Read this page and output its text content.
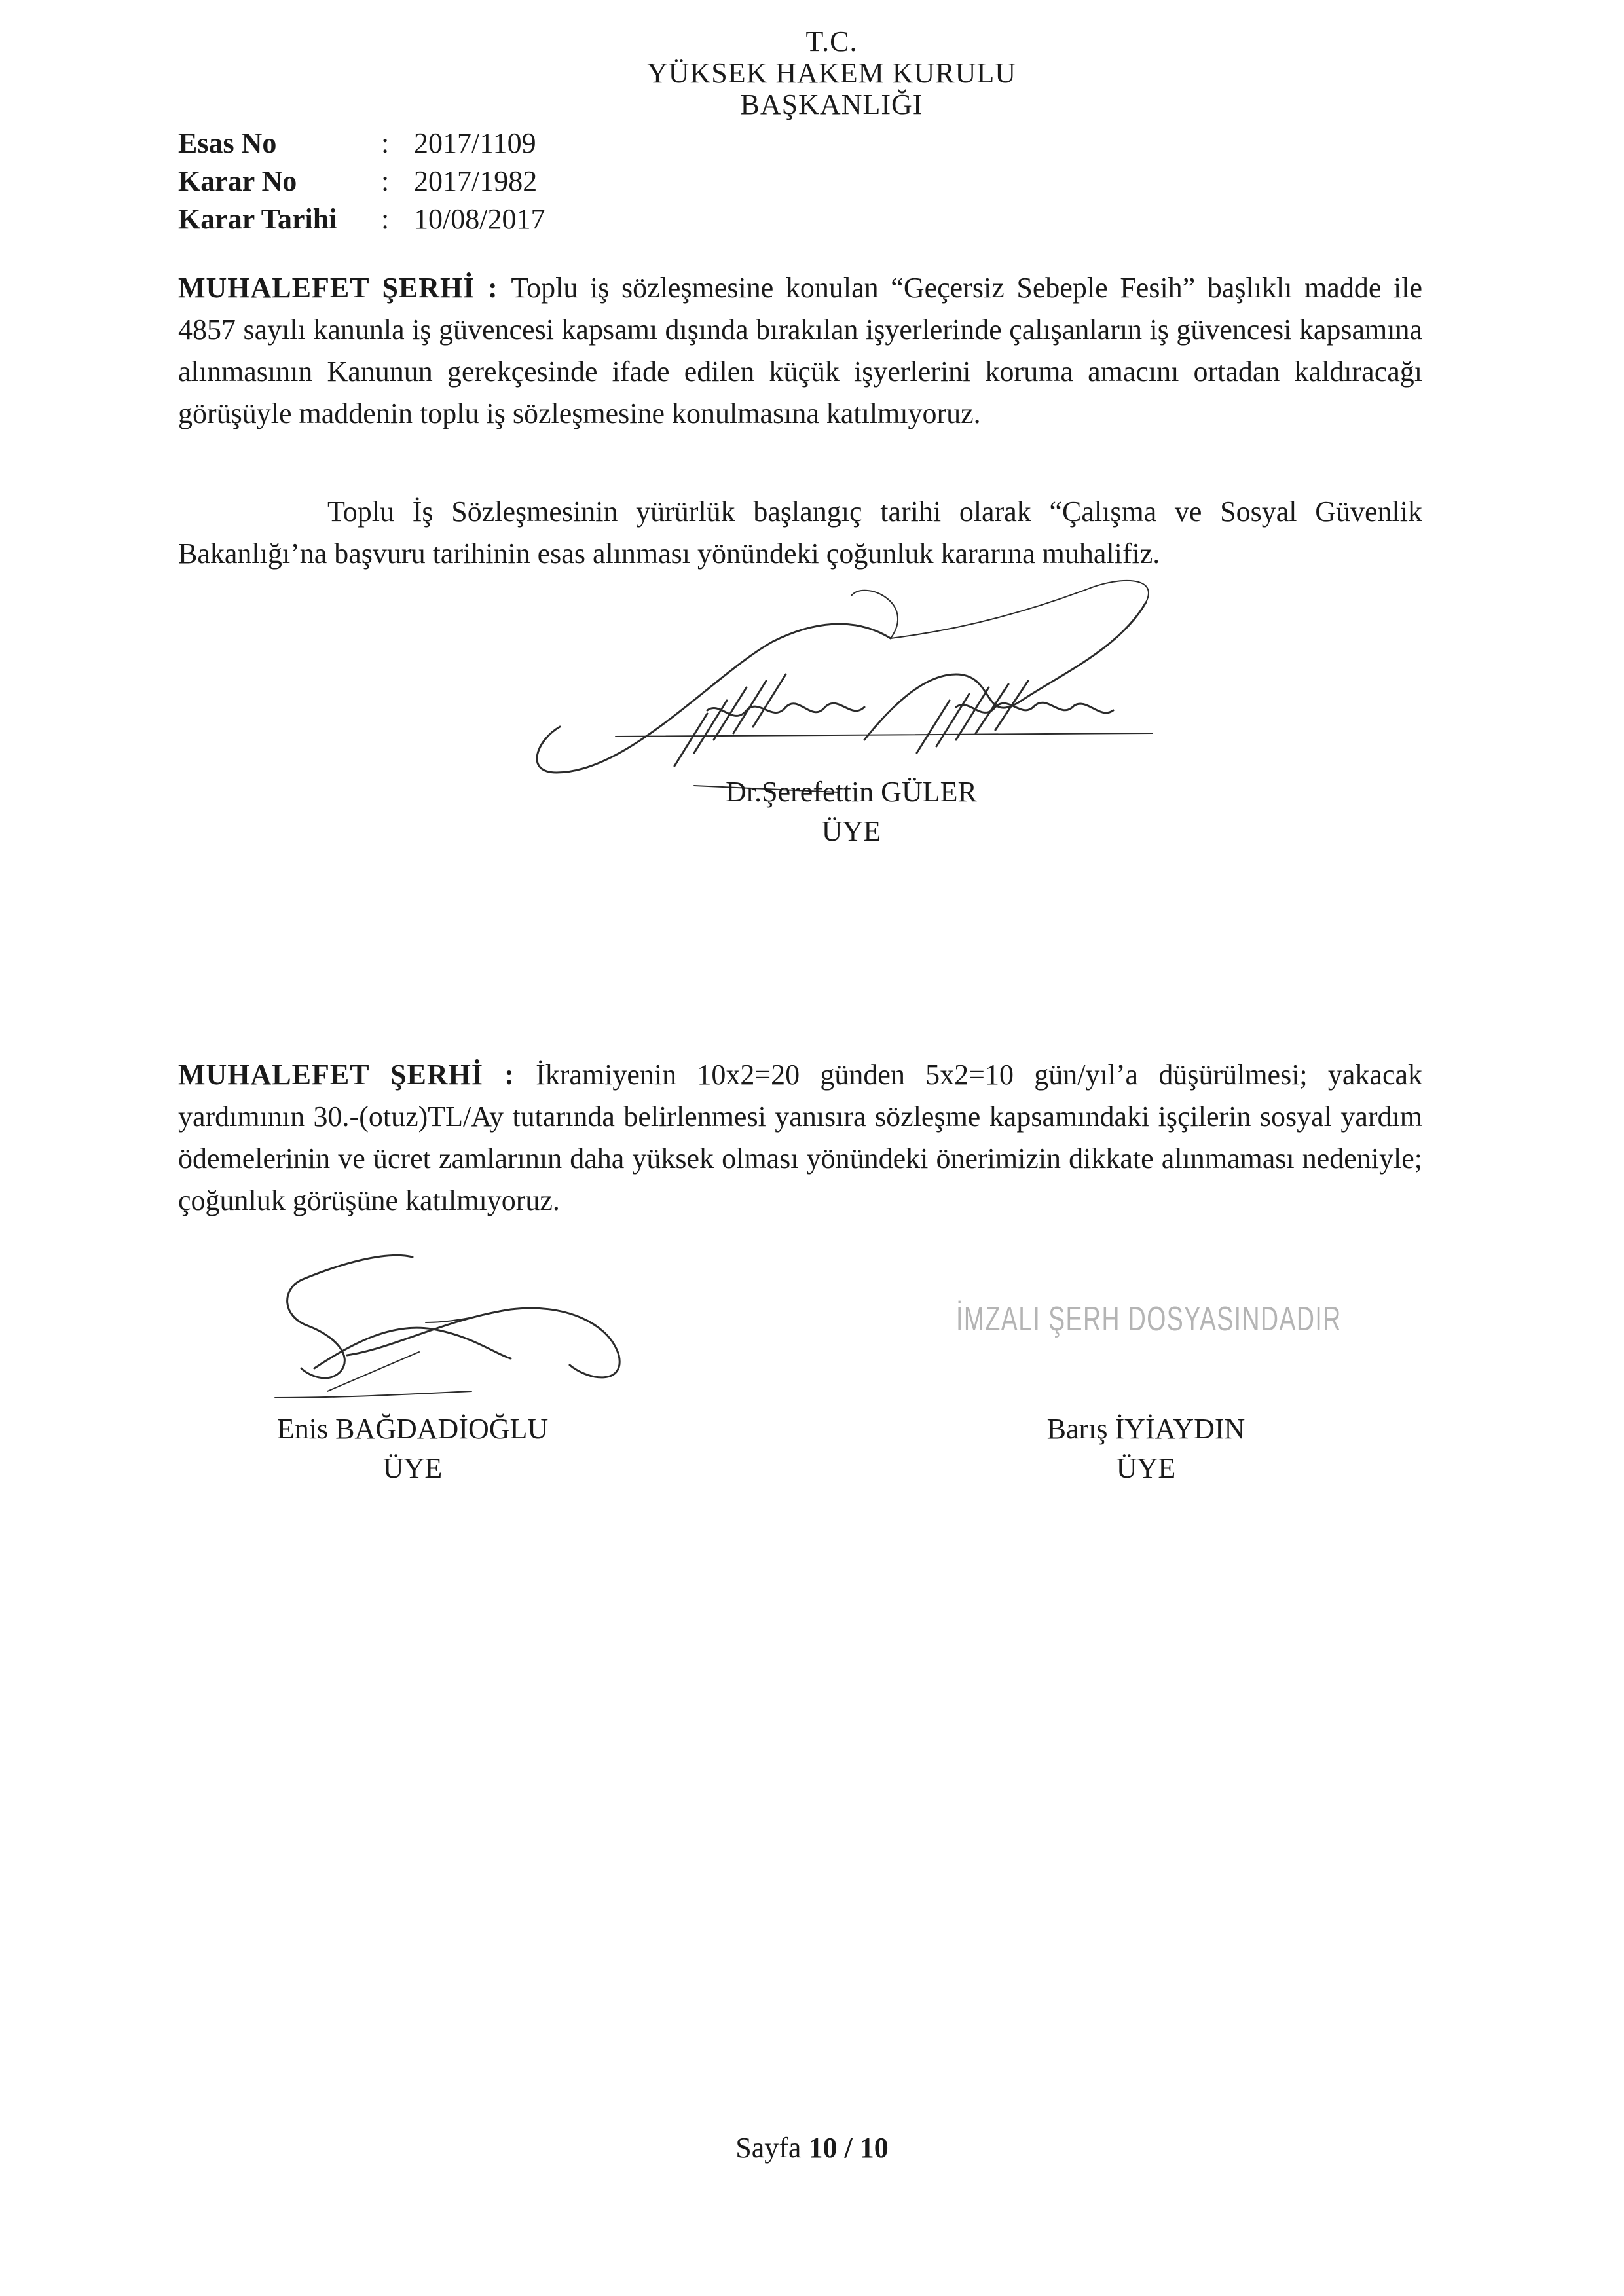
T.C.
YÜKSEK HAKEM KURULU
BAŞKANLIĞI
Esas No	: 2017/1109
Karar No	: 2017/1982
Karar Tarihi	: 10/08/2017
MUHALEFET ŞERHİ : Toplu iş sözleşmesine konulan “Geçersiz Sebeple Fesih” başlıklı madde ile 4857 sayılı kanunla iş güvencesi kapsamı dışında bırakılan işyerlerinde çalışanların iş güvencesi kapsamına alınmasının Kanunun gerekçesinde ifade edilen küçük işyerlerini koruma amacını ortadan kaldıracağı görüşüyle maddenin toplu iş sözleşmesine konulmasına katılmıyoruz.
Toplu İş Sözleşmesinin yürürlük başlangıç tarihi olarak “Çalışma ve Sosyal Güvenlik Bakanlığı’na başvuru tarihinin esas alınması yönündeki çoğunluk kararına muhalifiz.
Dr.Şerefettin GÜLER
ÜYE
MUHALEFET ŞERHİ : İkramiyenin 10x2=20 günden 5x2=10 gün/yıl’a düşürülmesi; yakacak yardımının 30.-(otuz)TL/Ay tutarında belirlenmesi yanısıra sözleşme kapsamındaki işçilerin sosyal yardım ödemelerinin ve ücret zamlarının daha yüksek olması yönündeki önerimizin dikkate alınmaması nedeniyle; çoğunluk görüşüne katılmıyoruz.
Enis BAĞDADİOĞLU
ÜYE
İMZALI ŞERH DOSYASINDADIR
Barış İYİAYDIN
ÜYE
Sayfa 10 / 10
